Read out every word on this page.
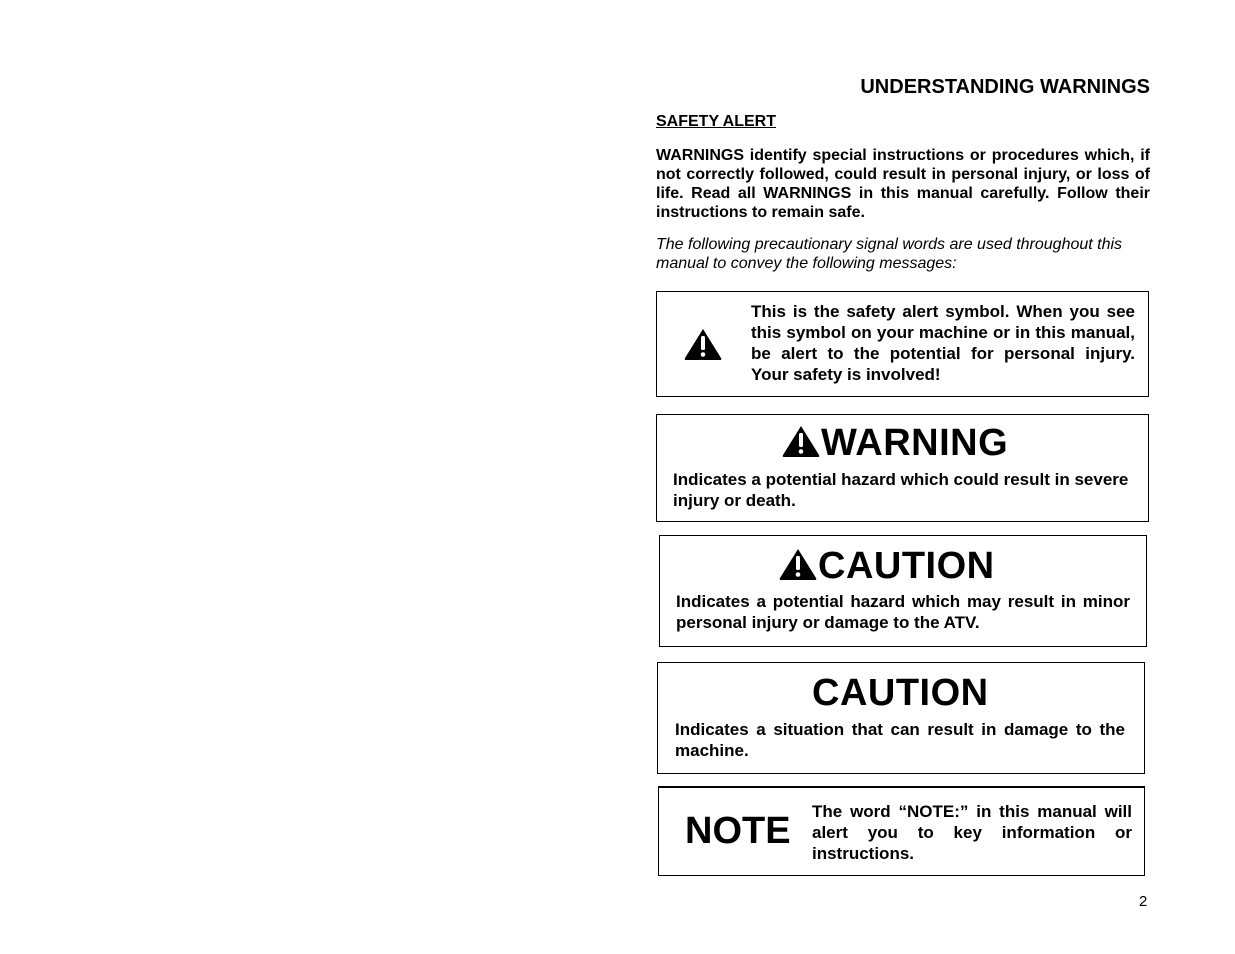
UNDERSTANDING WARNINGS
SAFETY ALERT

WARNINGS identify special instructions or procedures which, if not correctly followed, could result in personal injury, or loss of life. Read all WARNINGS in this manual carefully. Follow their instructions to remain safe.

The following precautionary signal words are used throughout this manual to convey the following messages:

This is the safety alert symbol. When you see this symbol on your machine or in this manual, be alert to the potential for personal injury. Your safety is involved!

WARNING

Indicates a potential hazard which could result in severe injury or death.

CAUTION

Indicates a potential hazard which may result in minor personal injury or damage to the ATV.

CAUTION

Indicates a situation that can result in damage to the machine.

NOTE The word “NOTE:” in this manual will alert you to key information or instructions.

2
